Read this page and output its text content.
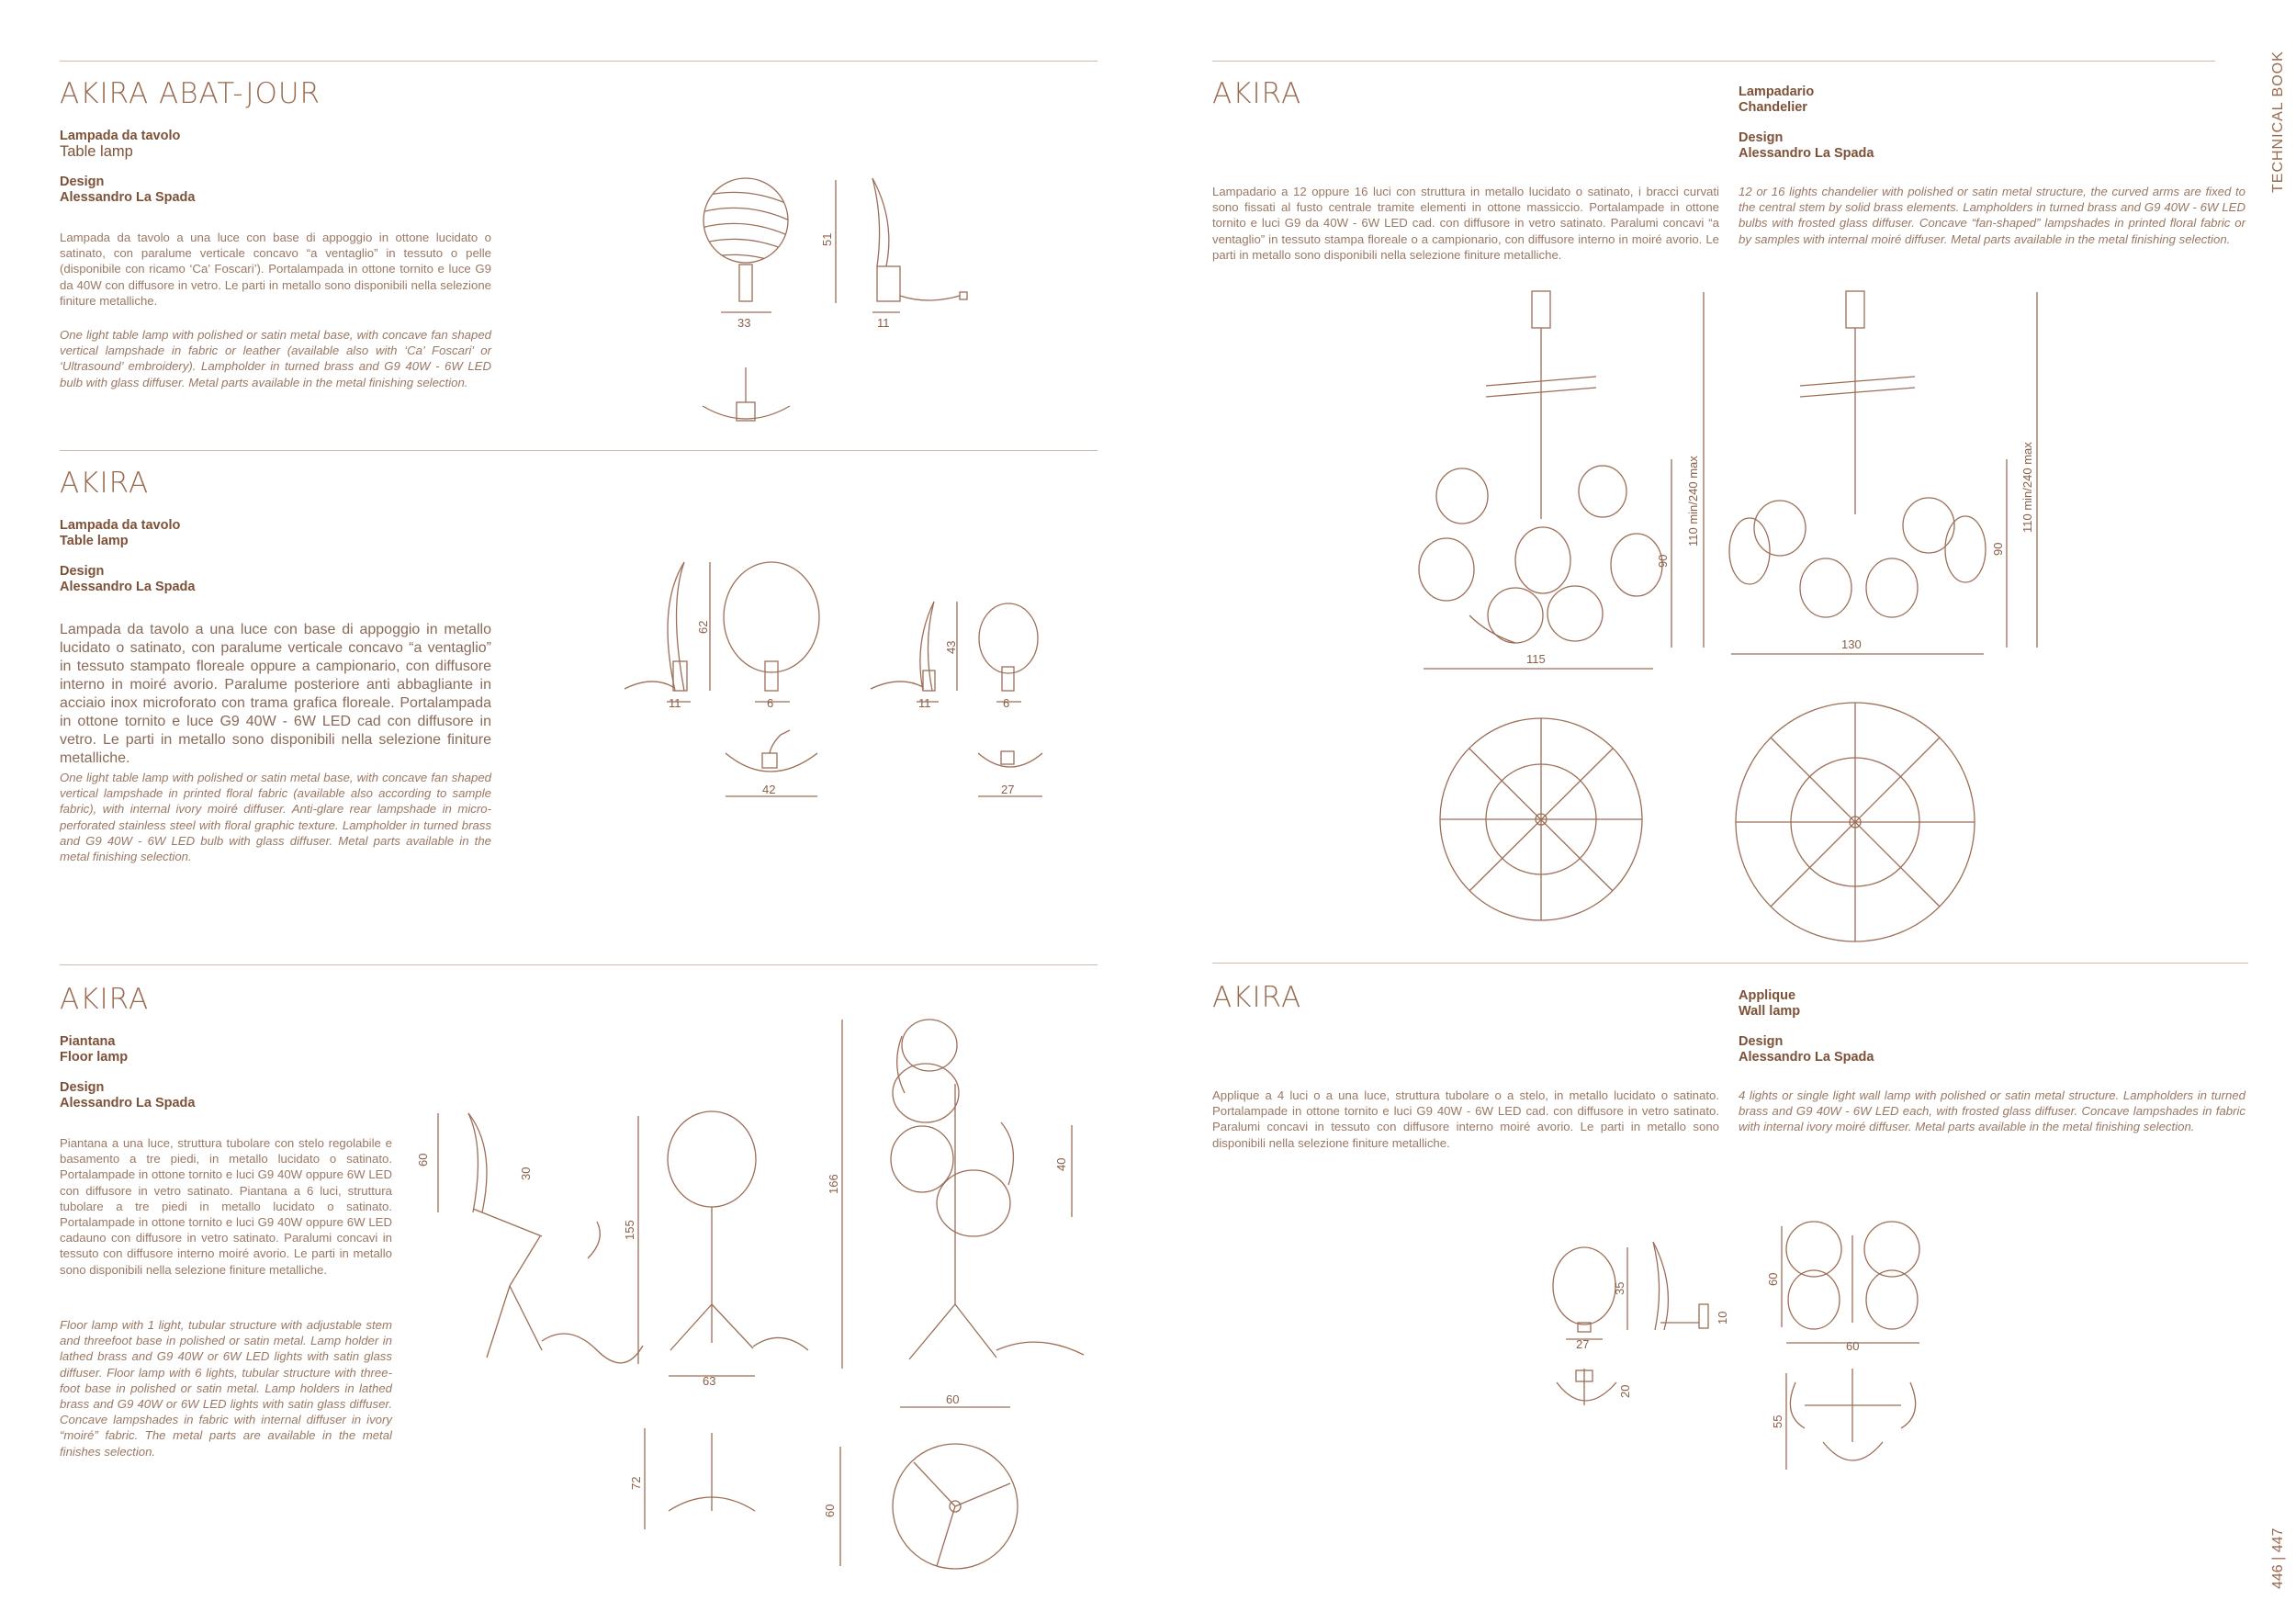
TECHNICAL BOOK
446 | 447
AKIRA ABAT-JOUR
Lampada da tavolo
Table lamp
Design
Alessandro La Spada

Lampada da tavolo a una luce con base di appoggio in ottone lucidato o satinato, con paralume verticale concavo “a ventaglio” in tessuto o pelle (disponibile con ricamo ‘Ca’ Foscari’). Portalampada in ottone tornito e luce G9 da 40W con diffusore in vetro. Le parti in metallo sono disponibili nella selezione finiture metalliche.

One light table lamp with polished or satin metal base, with concave fan shaped vertical lampshade in fabric or leather (available also with ‘Ca’ Foscari’ or ‘Ultrasound’ embroidery). Lampholder in turned brass and G9 40W - 6W LED bulb with glass diffuser. Metal parts available in the metal finishing selection.

AKIRA
Lampada da tavolo
Table lamp
Design
Alessandro La Spada

Lampada da tavolo a una luce con base di appoggio in metallo lucidato o satinato, con paralume verticale concavo “a ventaglio” in tessuto stampato floreale oppure a campionario, con diffusore interno in moiré avorio. Paralume posteriore anti abbagliante in acciaio inox microforato con trama grafica floreale. Portalampada in ottone tornito e luce G9 40W - 6W LED cad con diffusore in vetro. Le parti in metallo sono disponibili nella selezione finiture metalliche.

One light table lamp with polished or satin metal base, with concave fan shaped vertical lampshade in printed floral fabric (available also according to sample fabric), with internal ivory moiré diffuser. Anti-glare rear lampshade in micro-perforated stainless steel with floral graphic texture. Lampholder in turned brass and G9 40W - 6W LED bulb with glass diffuser. Metal parts available in the metal finishing selection.

AKIRA
Piantana
Floor lamp
Design
Alessandro La Spada

Piantana a una luce, struttura tubolare con stelo regolabile e basamento a tre piedi, in metallo lucidato o satinato. Portalampade in ottone tornito e luci G9 40W oppure 6W LED con diffusore in vetro satinato. Piantana a 6 luci, struttura tubolare a tre piedi in metallo lucidato o satinato. Portalampade in ottone tornito e luci G9 40W oppure 6W LED cadauno con diffusore in vetro satinato. Paralumi concavi in tessuto con diffusore interno moiré avorio. Le parti in metallo sono disponibili nella selezione finiture metalliche.

Floor lamp with 1 light, tubular structure with adjustable stem and threefoot base in polished or satin metal. Lamp holder in lathed brass and G9 40W or 6W LED lights with satin glass diffuser. Floor lamp with 6 lights, tubular structure with three-foot base in polished or satin metal. Lamp holders in lathed brass and G9 40W or 6W LED lights with satin glass diffuser. Concave lampshades in fabric with internal diffuser in ivory “moiré” fabric. The metal parts are available in the metal finishes selection.

AKIRA	Lampadario
Chandelier
Design
Alessandro La Spada

Lampadario a 12 oppure 16 luci con struttura in metallo lucidato o satinato, i bracci curvati sono fissati al fusto centrale tramite elementi in ottone massiccio. Portalampade in ottone tornito e luci G9 da 40W - 6W LED cad. con diffusore in vetro satinato. Paralumi concavi “a ventaglio” in tessuto stampa floreale o a campionario, con diffusore interno in moiré avorio. Le parti in metallo sono disponibili nella selezione finiture metalliche.

12 or 16 lights chandelier with polished or satin metal structure, the curved arms are fixed to the central stem by solid brass elements. Lampholders in turned brass and G9 40W - 6W LED bulbs with frosted glass diffuser. Concave “fan-shaped” lampshades in printed floral fabric or by samples with internal moiré diffuser. Metal parts available in the metal finishing selection.

AKIRA	Applique
Wall lamp
Design
Alessandro La Spada

Applique a 4 luci o a una luce, struttura tubolare o a stelo, in metallo lucidato o satinato. Portalampade in ottone tornito e luci G9 40W - 6W LED cad. con diffusore in vetro satinato. Paralumi concavi in tessuto con diffusore interno moiré avorio. Le parti in metallo sono disponibili nella selezione finiture metalliche.

4 lights or single light wall lamp with polished or satin metal structure. Lampholders in turned brass and G9 40W - 6W LED each, with frosted glass diffuser. Concave lampshades in fabric with internal ivory moiré diffuser. Metal parts available in the metal finishing selection.

51
33	11
62
11	6
42
43
11	6
27
60
30
155
63
72
166
40
60
60
110 min/240 max
90
115
110 min/240 max
90
130
35
27
10
20
60
60
55
